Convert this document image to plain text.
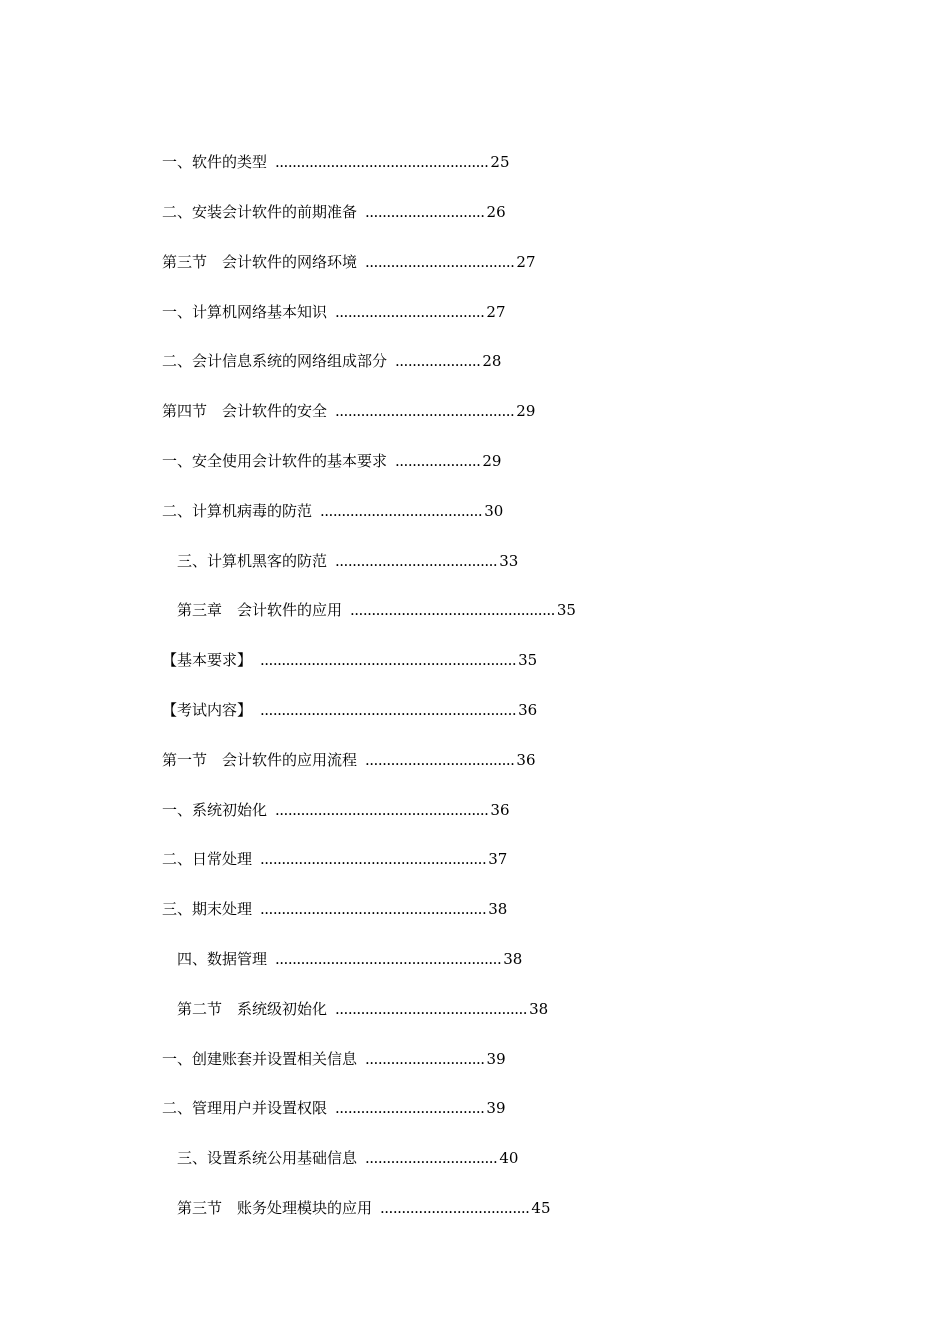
一、软件的类型 .................................................. 25
二、安装会计软件的前期准备 ............................ 26
第三节　会计软件的网络环境 ................................... 27
一、计算机网络基本知识 ................................... 27
二、会计信息系统的网络组成部分 .................... 28
第四节　会计软件的安全 .......................................... 29
一、安全使用会计软件的基本要求 .................... 29
二、计算机病毒的防范 ...................................... 30
三、计算机黑客的防范 ...................................... 33
第三章　会计软件的应用 ................................................ 35
【基本要求】 ............................................................ 35
【考试内容】 ............................................................ 36
第一节　会计软件的应用流程 ................................... 36
一、系统初始化 .................................................. 36
二、日常处理 ..................................................... 37
三、期末处理 ..................................................... 38
四、数据管理 ..................................................... 38
第二节　系统级初始化 ............................................. 38
一、创建账套并设置相关信息 ............................ 39
二、管理用户并设置权限 ................................... 39
三、设置系统公用基础信息 ............................... 40
第三节　账务处理模块的应用 ................................... 45
